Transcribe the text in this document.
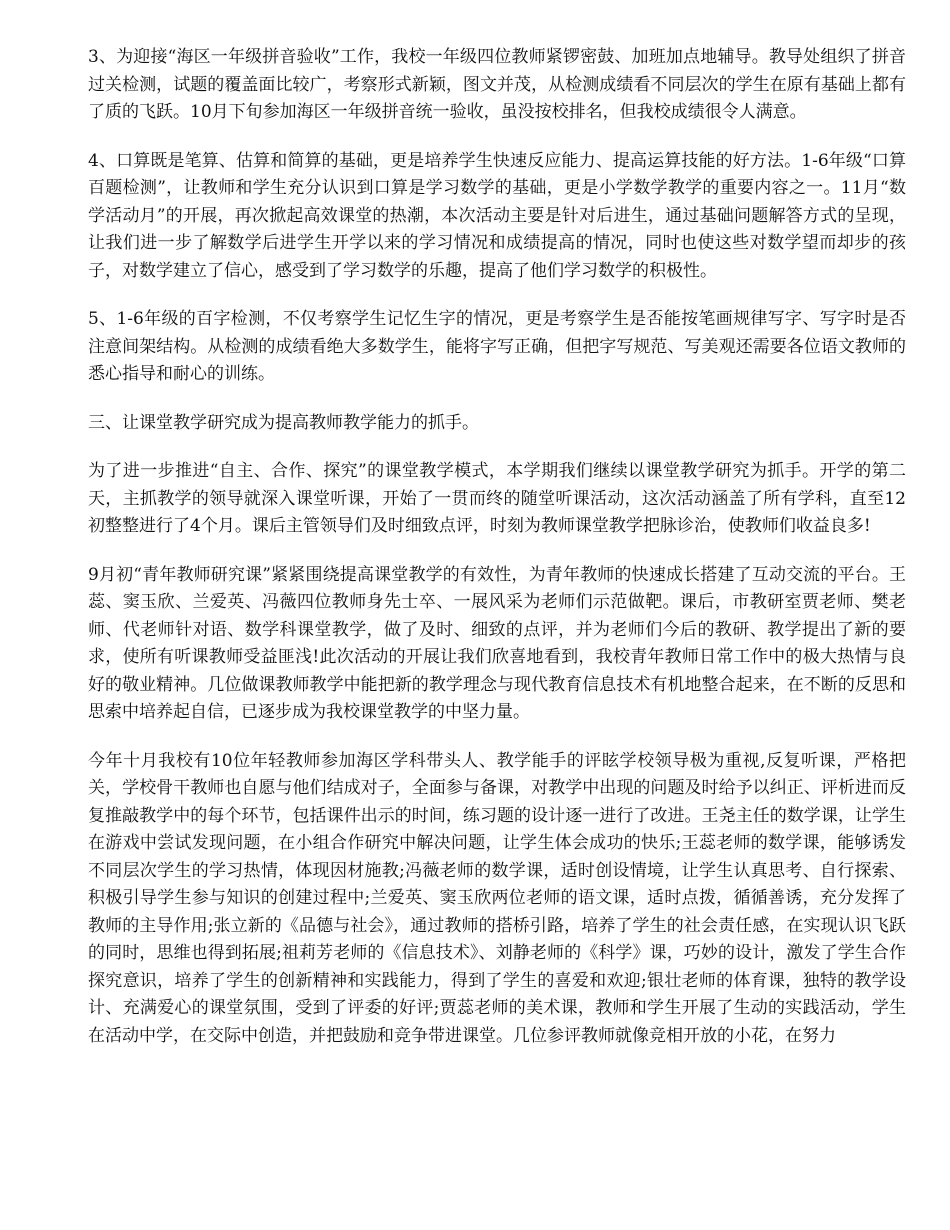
3、为迎接“海区一年级拼音验收”工作，我校一年级四位教师紧锣密鼓、加班加点地辅导。教导处组织了拼音过关检测，试题的覆盖面比较广，考察形式新颖，图文并茂，从检测成绩看不同层次的学生在原有基础上都有了质的飞跃。10月下旬参加海区一年级拼音统一验收，虽没按校排名，但我校成绩很令人满意。

4、口算既是笔算、估算和简算的基础，更是培养学生快速反应能力、提高运算技能的好方法。1-6年级“口算百题检测”，让教师和学生充分认识到口算是学习数学的基础，更是小学数学教学的重要内容之一。11月“数学活动月”的开展，再次掀起高效课堂的热潮，本次活动主要是针对后进生，通过基础问题解答方式的呈现，让我们进一步了解数学后进学生开学以来的学习情况和成绩提高的情况，同时也使这些对数学望而却步的孩子，对数学建立了信心，感受到了学习数学的乐趣，提高了他们学习数学的积极性。

5、1-6年级的百字检测，不仅考察学生记忆生字的情况，更是考察学生是否能按笔画规律写字、写字时是否注意间架结构。从检测的成绩看绝大多数学生，能将字写正确，但把字写规范、写美观还需要各位语文教师的悉心指导和耐心的训练。

三、让课堂教学研究成为提高教师教学能力的抓手。

为了进一步推进“自主、合作、探究”的课堂教学模式，本学期我们继续以课堂教学研究为抓手。开学的第二天，主抓教学的领导就深入课堂听课，开始了一贯而终的随堂听课活动，这次活动涵盖了所有学科，直至12初整整进行了4个月。课后主管领导们及时细致点评，时刻为教师课堂教学把脉诊治，使教师们收益良多!

9月初“青年教师研究课”紧紧围绕提高课堂教学的有效性，为青年教师的快速成长搭建了互动交流的平台。王蕊、窦玉欣、兰爱英、冯薇四位教师身先士卒、一展风采为老师们示范做靶。课后，市教研室贾老师、樊老师、代老师针对语、数学科课堂教学，做了及时、细致的点评，并为老师们今后的教研、教学提出了新的要求，使所有听课教师受益匪浅!此次活动的开展让我们欣喜地看到，我校青年教师日常工作中的极大热情与良好的敬业精神。几位做课教师教学中能把新的教学理念与现代教育信息技术有机地整合起来，在不断的反思和思索中培养起自信，已逐步成为我校课堂教学的中坚力量。

今年十月我校有10位年轻教师参加海区学科带头人、教学能手的评眩学校领导极为重视,反复听课，严格把关，学校骨干教师也自愿与他们结成对子，全面参与备课，对教学中出现的问题及时给予以纠正、评析进而反复推敲教学中的每个环节，包括课件出示的时间，练习题的设计逐一进行了改进。王尧主任的数学课，让学生在游戏中尝试发现问题，在小组合作研究中解决问题，让学生体会成功的快乐;王蕊老师的数学课，能够诱发不同层次学生的学习热情，体现因材施教;冯薇老师的数学课，适时创设情境，让学生认真思考、自行探索、积极引导学生参与知识的创建过程中;兰爱英、窦玉欣两位老师的语文课，适时点拨，循循善诱，充分发挥了教师的主导作用;张立新的《品德与社会》，通过教师的搭桥引路，培养了学生的社会责任感，在实现认识飞跃的同时，思维也得到拓展;祖莉芳老师的《信息技术》、刘静老师的《科学》课，巧妙的设计，激发了学生合作探究意识，培养了学生的创新精神和实践能力，得到了学生的喜爱和欢迎;银壮老师的体育课，独特的教学设计、充满爱心的课堂氛围，受到了评委的好评;贾蕊老师的美术课，教师和学生开展了生动的实践活动，学生在活动中学，在交际中创造，并把鼓励和竞争带进课堂。几位参评教师就像竞相开放的小花，在努力
